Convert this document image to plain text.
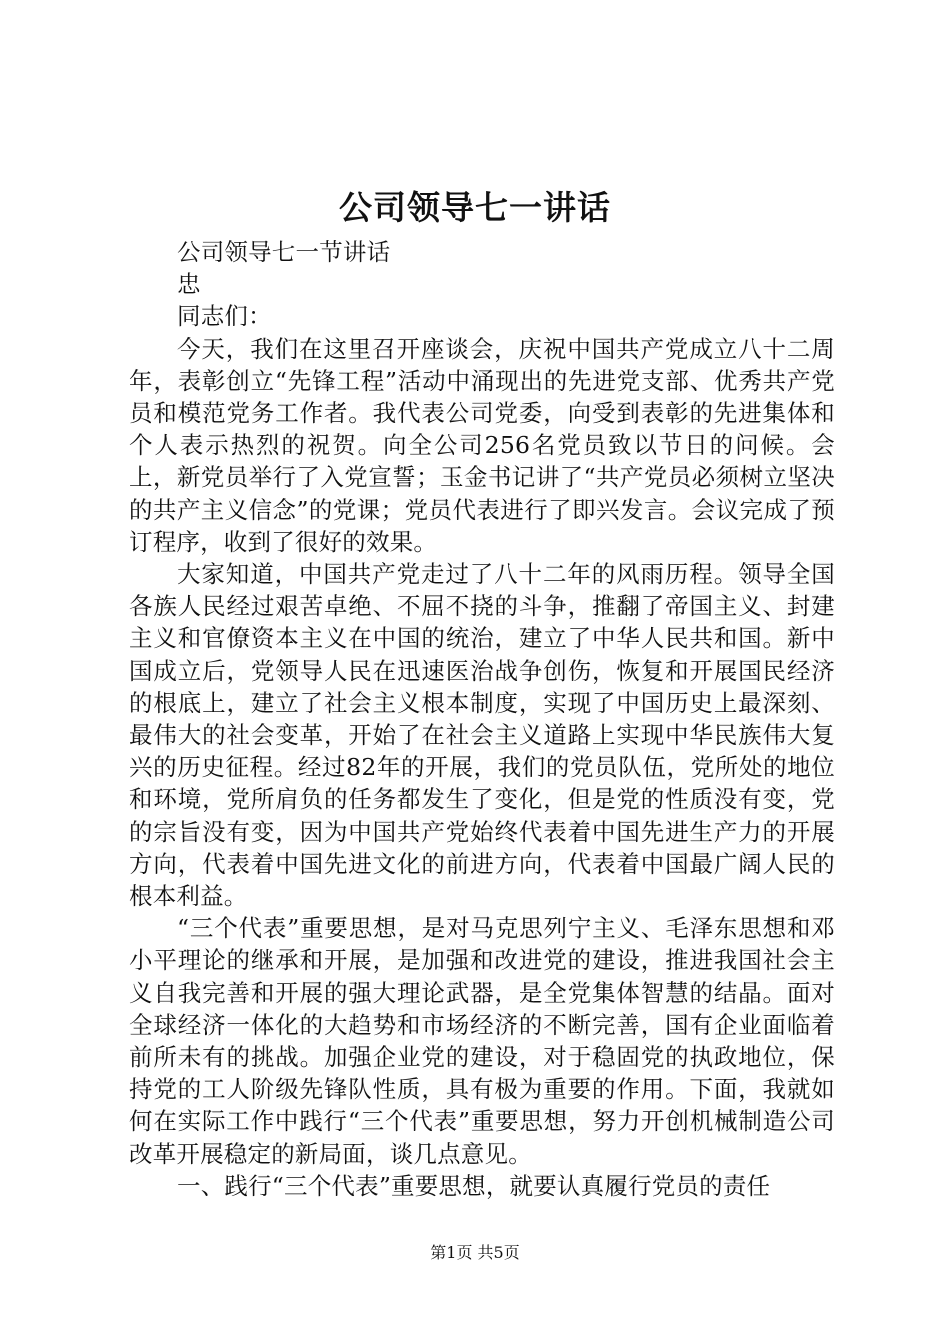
公司领导七一讲话

公司领导七一节讲话

忠

同志们：

今天，我们在这里召开座谈会，庆祝中国共产党成立八十二周年，表彰创立“先锋工程”活动中涌现出的先进党支部、优秀共产党员和模范党务工作者。我代表公司党委，向受到表彰的先进集体和个人表示热烈的祝贺。向全公司256名党员致以节日的问候。会上，新党员举行了入党宣誓；玉金书记讲了“共产党员必须树立坚决的共产主义信念”的党课；党员代表进行了即兴发言。会议完成了预订程序，收到了很好的效果。

大家知道，中国共产党走过了八十二年的风雨历程。领导全国各族人民经过艰苦卓绝、不屈不挠的斗争，推翻了帝国主义、封建主义和官僚资本主义在中国的统治，建立了中华人民共和国。新中国成立后，党领导人民在迅速医治战争创伤，恢复和开展国民经济的根底上，建立了社会主义根本制度，实现了中国历史上最深刻、最伟大的社会变革，开始了在社会主义道路上实现中华民族伟大复兴的历史征程。经过82年的开展，我们的党员队伍，党所处的地位和环境，党所肩负的任务都发生了变化，但是党的性质没有变，党的宗旨没有变，因为中国共产党始终代表着中国先进生产力的开展方向，代表着中国先进文化的前进方向，代表着中国最广阔人民的根本利益。

“三个代表”重要思想，是对马克思列宁主义、毛泽东思想和邓小平理论的继承和开展，是加强和改进党的建设，推进我国社会主义自我完善和开展的强大理论武器，是全党集体智慧的结晶。面对全球经济一体化的大趋势和市场经济的不断完善，国有企业面临着前所未有的挑战。加强企业党的建设，对于稳固党的执政地位，保持党的工人阶级先锋队性质，具有极为重要的作用。下面，我就如何在实际工作中践行“三个代表”重要思想，努力开创机械制造公司改革开展稳定的新局面，谈几点意见。

一、践行“三个代表”重要思想，就要认真履行党员的责任

第1页 共5页
